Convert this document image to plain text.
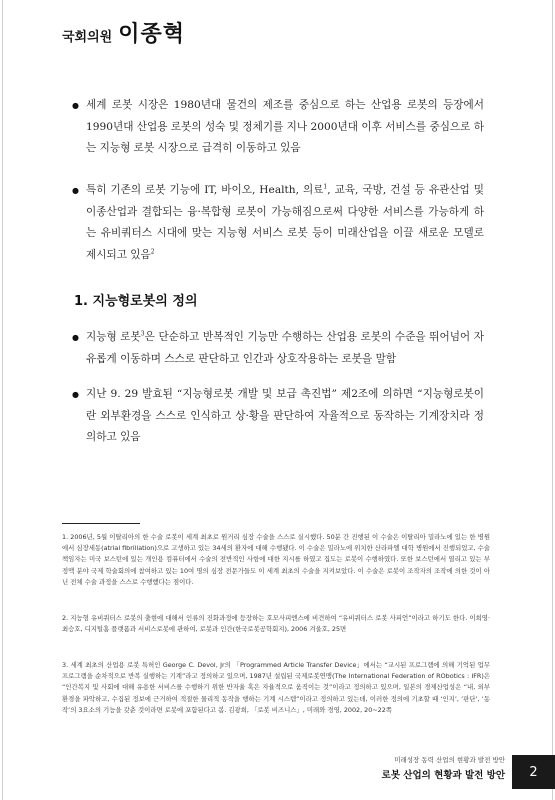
국회의원 이종혁
● 세계 로봇 시장은 1980년대 물건의 제조를 중심으로 하는 산업용 로봇의 등장에서 1990년대 산업용 로봇의 성숙 및 정체기를 지나 2000년대 이후 서비스를 중심으로 하는 지능형 로봇 시장으로 급격히 이동하고 있음
● 특히 기존의 로봇 기능에 IT, 바이오, Health, 의료$^1$, 교육, 국방, 건설 등 유관산업 및 이종산업과 결합되는 융·복합형 로봇이 가능해짐으로써 다양한 서비스를 가능하게 하는 유비쿼터스 시대에 맞는 지능형 서비스 로봇 등이 미래산업을 이끌 새로운 모델로 제시되고 있음$^2$
1. 지능형로봇의 정의
● 지능형 로봇$^3$은 단순하고 반복적인 기능만 수행하는 산업용 로봇의 수준을 뛰어넘어 자유롭게 이동하며 스스로 판단하고 인간과 상호작용하는 로봇을 말함
● 지난 9. 29 발효된 “지능형로봇 개발 및 보급 촉진법” 제2조에 의하면 “지능형로봇이란 외부환경을 스스로 인식하고 상·황을 판단하여 자율적으로 동작하는 기계장치라 정의하고 있음
1. 2006년, 5월 이탈리아의 한 수술 로봇이 세계 최초로 원거리 심장 수술을 스스로 실시했다. 50분 간 진행된 이 수술은 이탈리아 밀라노에 있는 한 병원에서 심장세동(atrial fibrillation)으로 고생하고 있는 34세의 환자에 대해 수행됐다. 이 수술은 밀라노에 위치한 산라파엘 대학 병원에서 진행되었고, 수술책임자는 미국 보스턴에 있는 개인용 컴퓨터에서 수술의 전반적인 사항에 대한 지시를 하였고 집도는 로봇이 수행하였다. 또한 보스턴에서 열리고 있는 부정맥 분야 국제 학술회의에 참여하고 있는 10여 명의 심장 전문가들도 이 세계 최초의 수술을 지켜보았다. 이 수술은 로봇이 조작자의 조작에 의한 것이 아닌 전체 수술 과정을 스스로 수행했다는 점이다.
2. 지능형 유비쿼터스 로봇의 출현에 대해서 인류의 진화과정에 등장하는 호모사피엔스에 비견하여 “유비쿼터스 로봇 사피언”이라고 하기도 한다. 이희영·최승호, 디지털홈 플랫폼과 서비스로봇에 관하여, 로봇과 인간(한국로봇공학회지), 2006 겨울호, 25면
3. 세계 최초의 산업용 로봇 특허인 George C. Devol, Jr의 「Programmed Article Transfer Device」에서는 “교시된 프로그램에 의해 기억된 업무 프로그램을 순차적으로 반복 실행하는 기계”라고 정의하고 있으며, 1987년 설립된 국제로봇연맹(The International Federation of RObotics : IFR)은 “인간복지 및 사회에 대해 유용한 서비스를 수행하기 위한 반자율 혹은 자율적으로 움직이는 것”이라고 정의하고 있으며, 일본의 경제산업성은 “내, 외부 환경을 파악하고, 수집된 정보에 근거하여 적절한 물리적 동작을 행하는 기계 시스템”이라고 정의하고 있는데, 이러한 정의에 기초할 때 ‘인지’, ‘판단’, ‘동작’의 3요소의 기능을 갖춘 것이라면 로봇에 포함된다고 봄. 김광희, 「로봇 비즈니스」, 미래와 경영, 2002, 20~22쪽
미래성장 동력 산업의 현황과 발전 방안
로봇 산업의 현황과 발전 방안	2
